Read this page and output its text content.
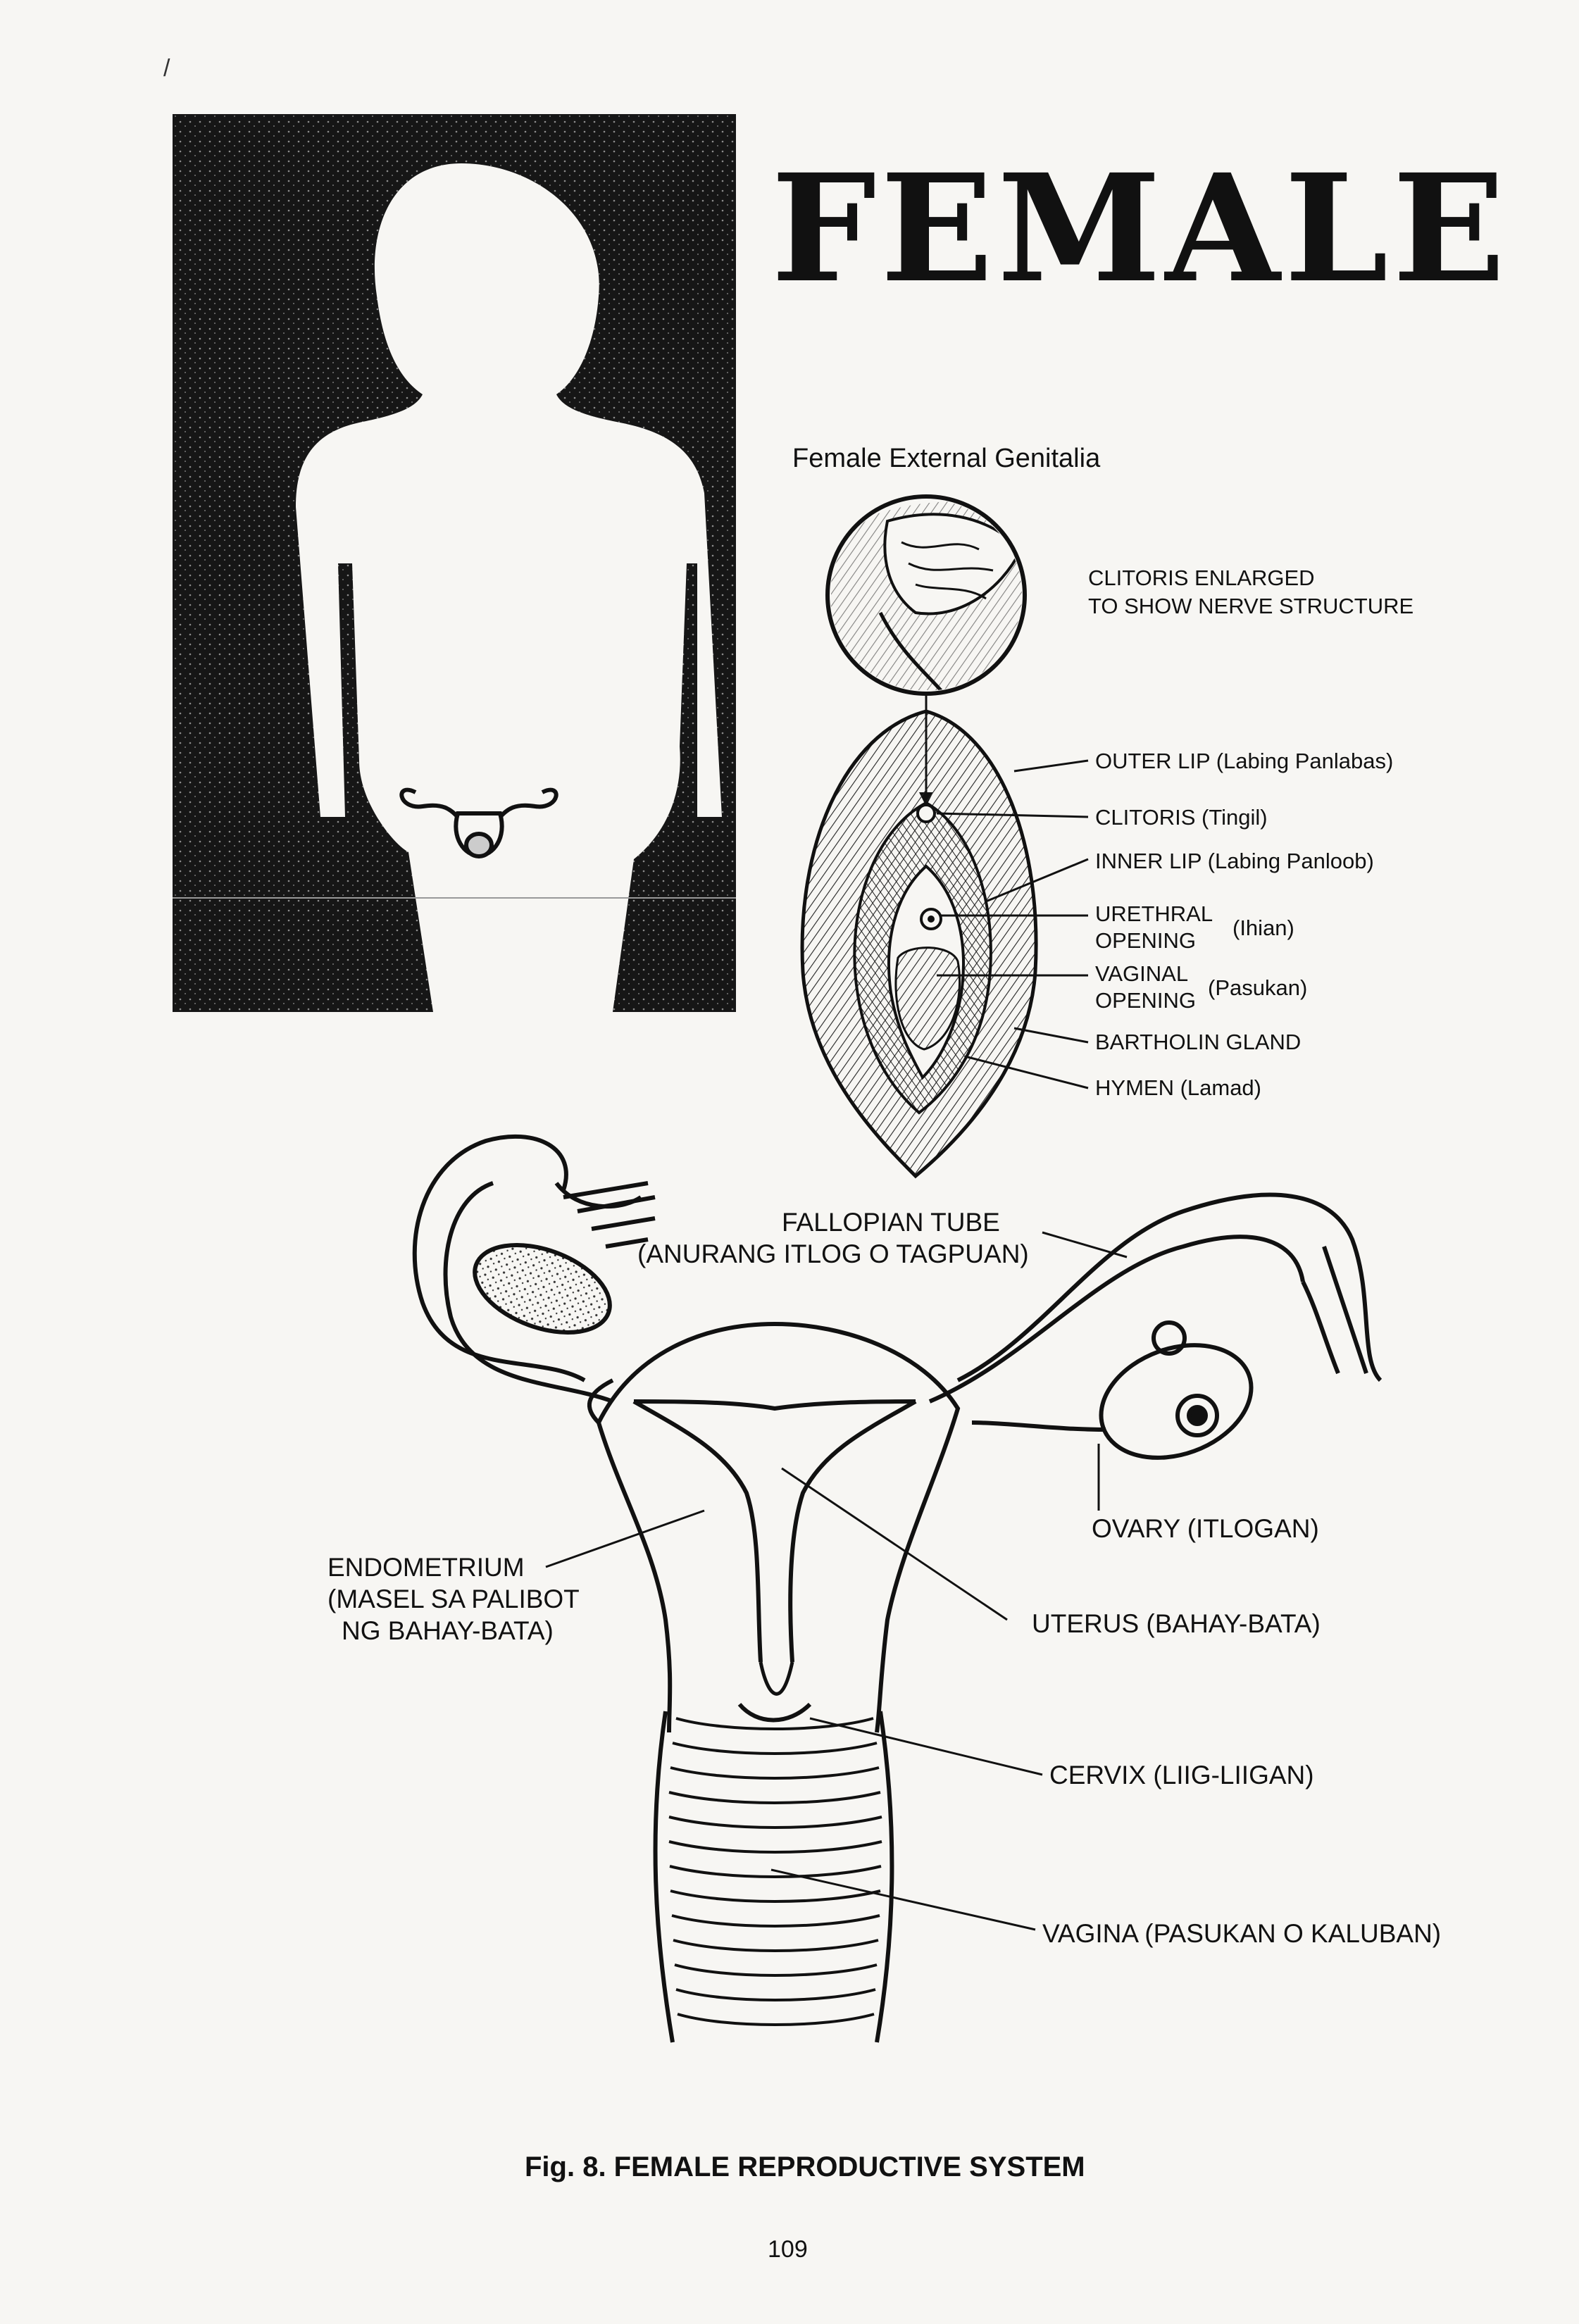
/
FEMALE
Female External Genitalia
CLITORIS ENLARGED
TO SHOW NERVE STRUCTURE
OUTER LIP (Labing Panlabas)
CLITORIS (Tingil)
INNER LIP (Labing Panloob)
URETHRAL
OPENING
(Ihian)
VAGINAL
OPENING
(Pasukan)
BARTHOLIN GLAND
HYMEN (Lamad)
FALLOPIAN TUBE
(ANURANG ITLOG O TAGPUAN)
ENDOMETRIUM
(MASEL SA PALIBOT
NG BAHAY-BATA)
OVARY (ITLOGAN)
UTERUS (BAHAY-BATA)
CERVIX (LIIG-LIIGAN)
VAGINA (PASUKAN O KALUBAN)
Fig. 8. FEMALE REPRODUCTIVE SYSTEM
109
